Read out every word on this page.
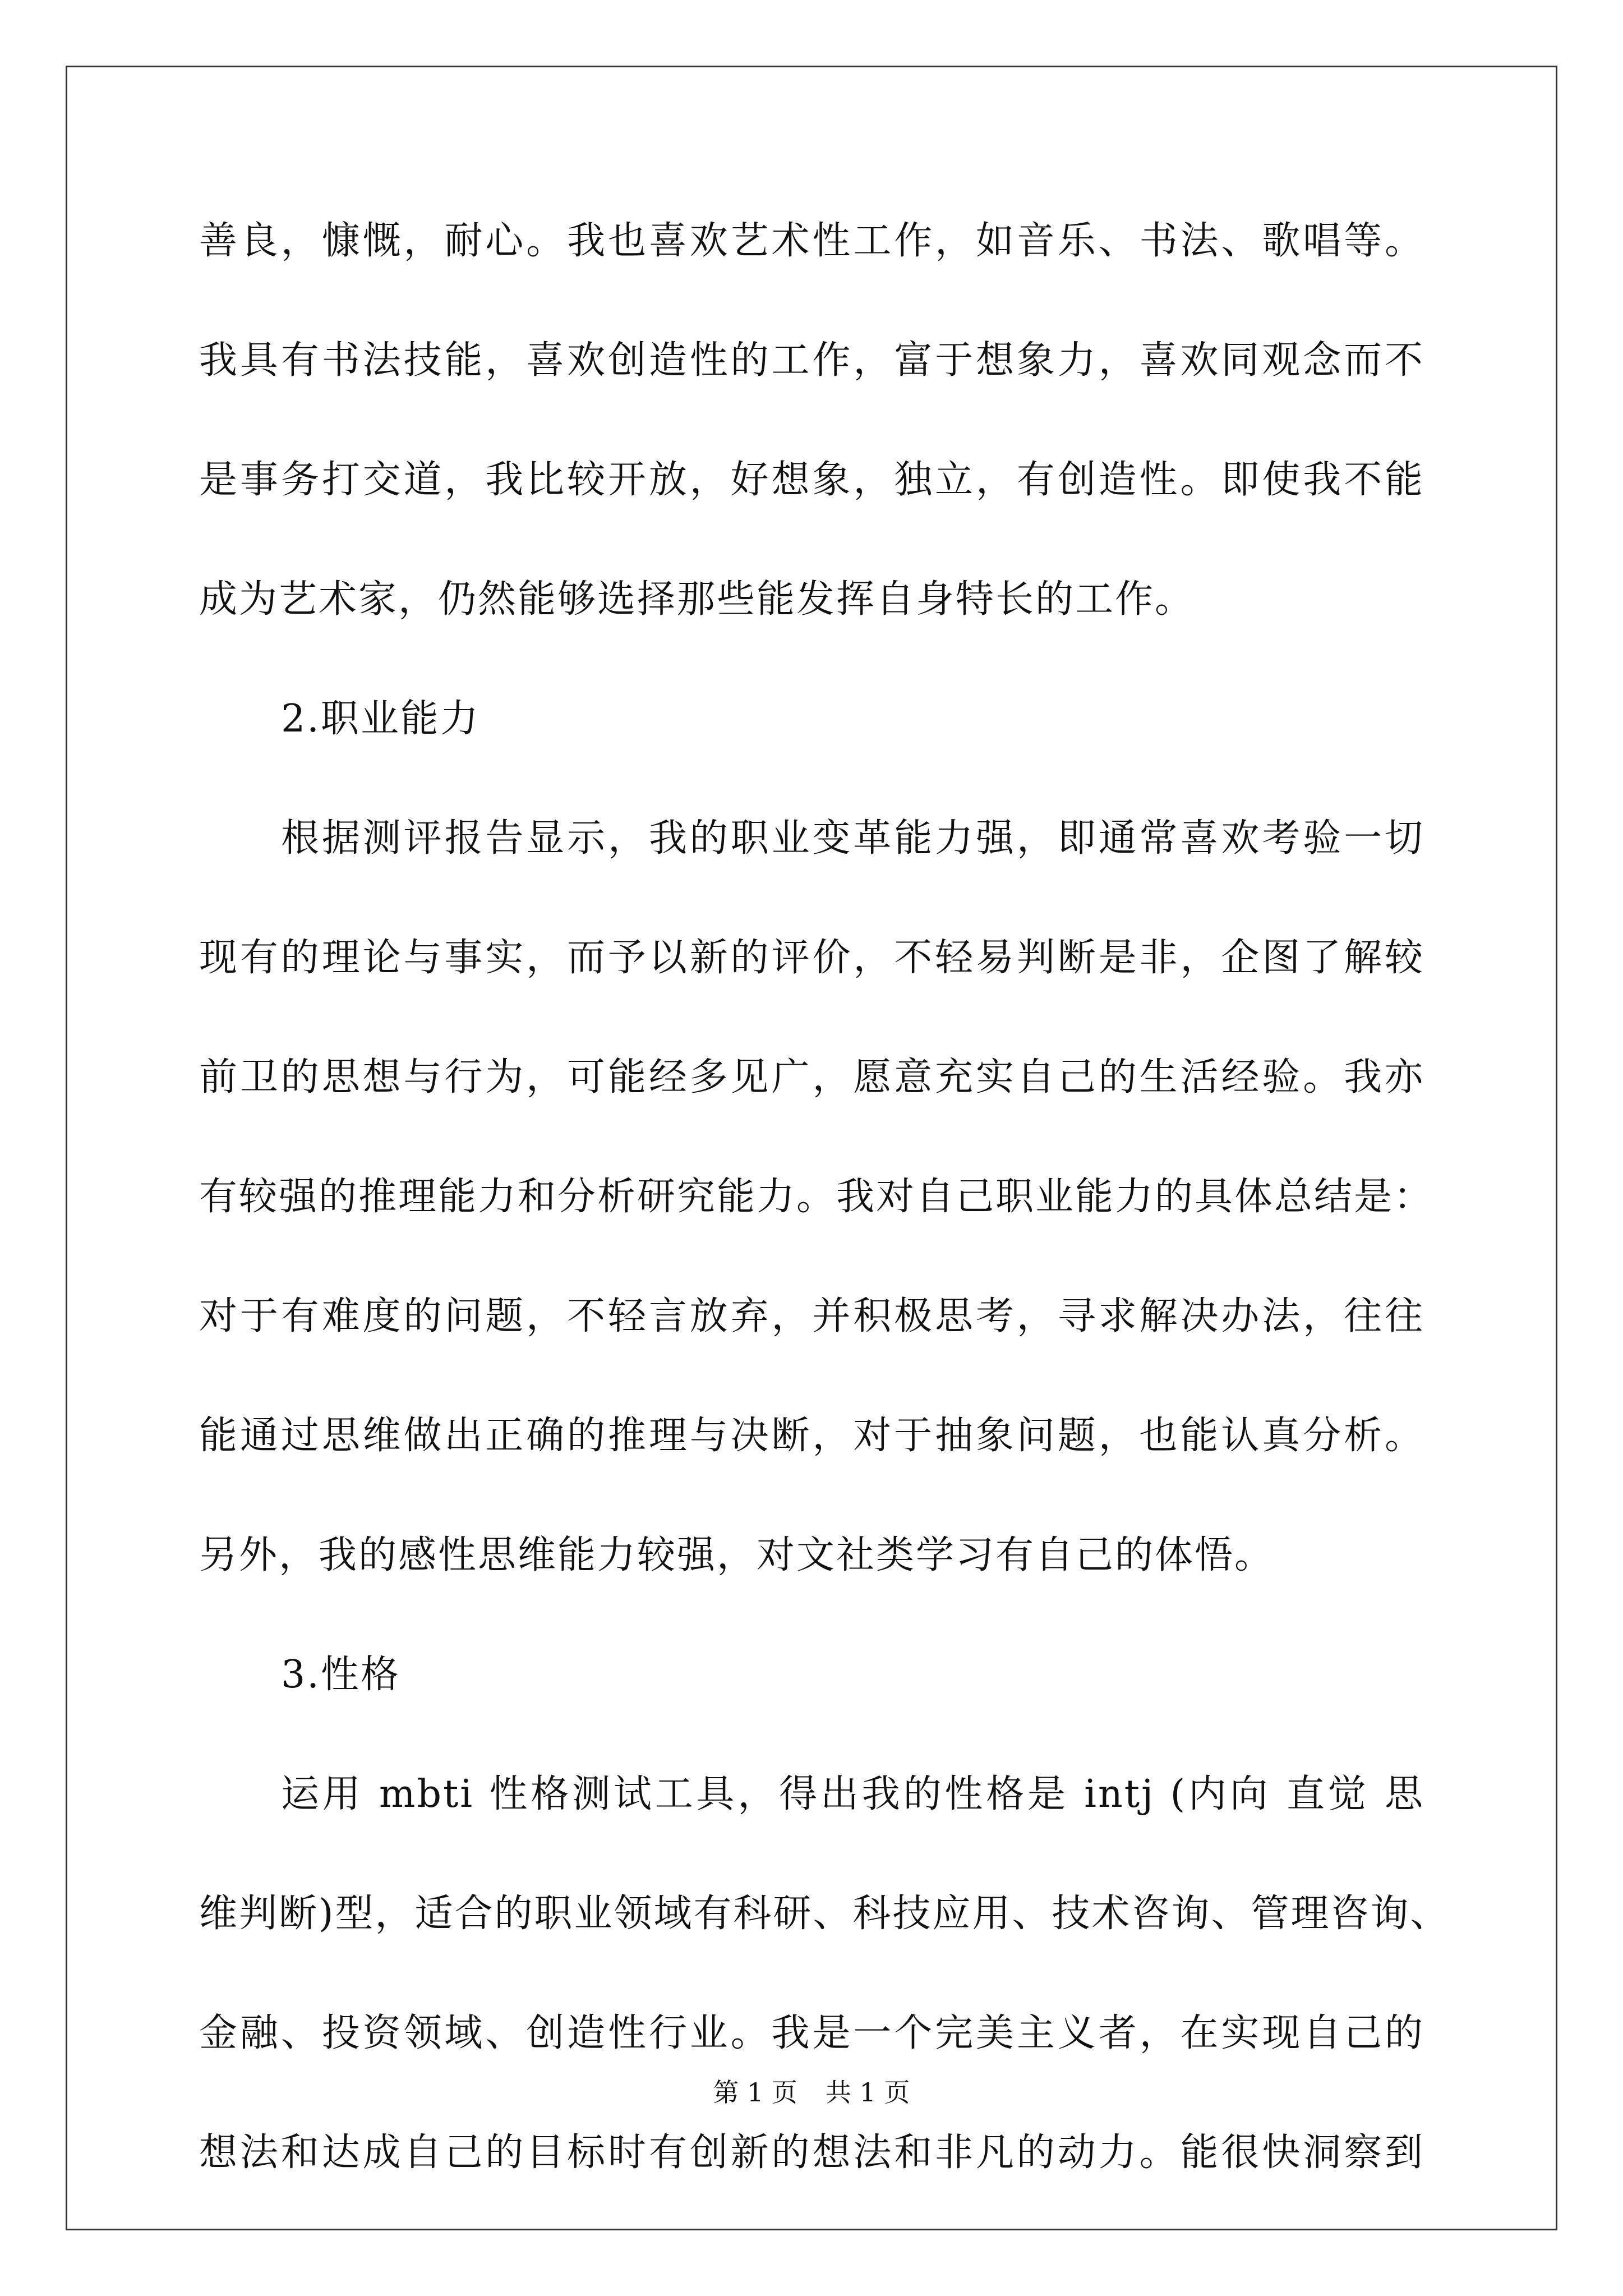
善良，慷慨，耐心。我也喜欢艺术性工作，如音乐、书法、歌唱等。
我具有书法技能，喜欢创造性的工作，富于想象力，喜欢同观念而不
是事务打交道，我比较开放，好想象，独立，有创造性。即使我不能
成为艺术家，仍然能够选择那些能发挥自身特长的工作。
2.职业能力
根据测评报告显示，我的职业变革能力强，即通常喜欢考验一切
现有的理论与事实，而予以新的评价，不轻易判断是非，企图了解较
前卫的思想与行为，可能经多见广，愿意充实自己的生活经验。我亦
有较强的推理能力和分析研究能力。我对自己职业能力的具体总结是：
对于有难度的问题，不轻言放弃，并积极思考，寻求解决办法，往往
能通过思维做出正确的推理与决断，对于抽象问题，也能认真分析。
另外，我的感性思维能力较强，对文社类学习有自己的体悟。
3.性格
运用 mbti 性格测试工具，得出我的性格是 intj (内向 直觉 思
维判断)型，适合的职业领域有科研、科技应用、技术咨询、管理咨询、
金融、投资领域、创造性行业。我是一个完美主义者，在实现自己的
想法和达成自己的目标时有创新的想法和非凡的动力。能很快洞察到
第 1 页 共 1 页
